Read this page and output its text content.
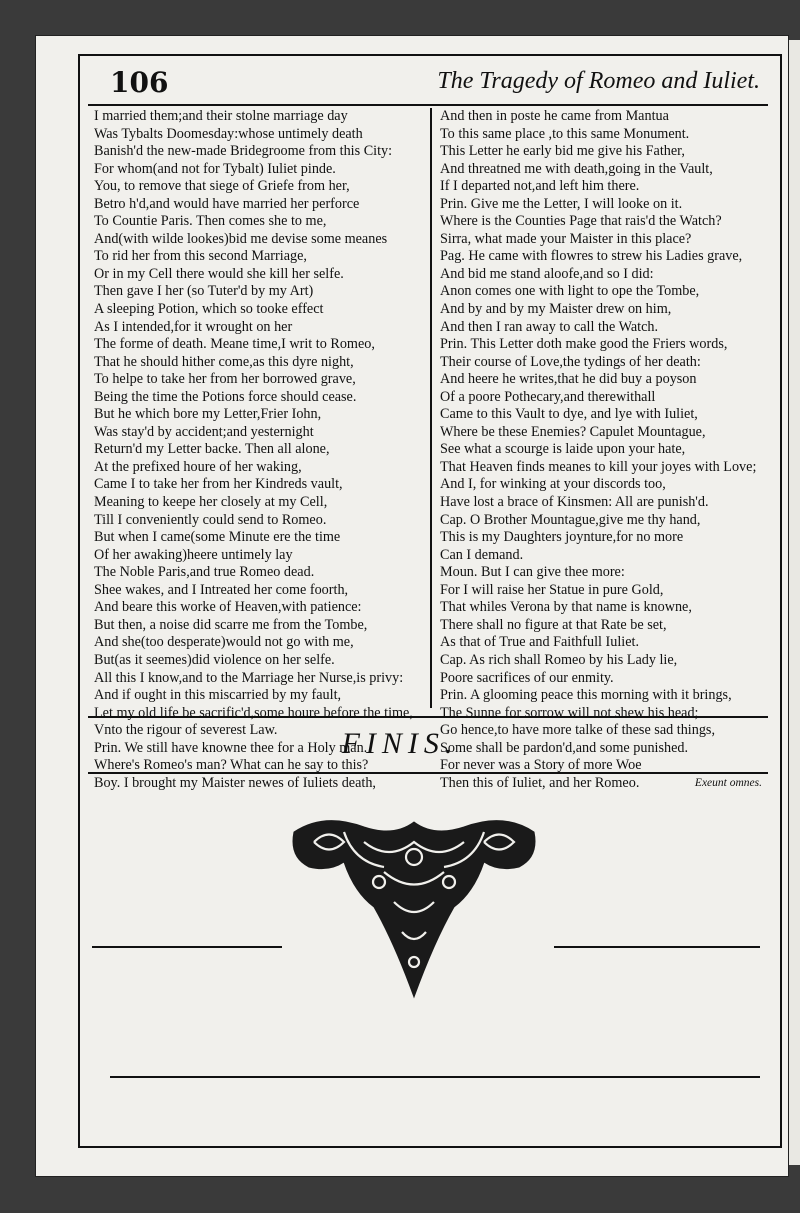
106	The Tragedy of Romeo and Iuliet.
I married them;and their stolne marriage day
Was Tybalts Doomesday:whose untimely death
Banish'd the new-made Bridegroome from this City:
For whom(and not for Tybalt) Iuliet pinde.
You, to remove that siege of Griefe from her,
Betro h'd,and would have married her perforce
To Countie Paris. Then comes she to me,
And(with wilde lookes)bid me devise some meanes
To rid her from this second Marriage,
Or in my Cell there would she kill her selfe.
Then gave I her (so Tuter'd by my Art)
A sleeping Potion, which so tooke effect
As I intended,for it wrought on her
The forme of death. Meane time,I writ to Romeo,
That he should hither come,as this dyre night,
To helpe to take her from her borrowed grave,
Being the time the Potions force should cease.
But he which bore my Letter,Frier Iohn,
Was stay'd by accident;and yesternight
Return'd my Letter backe. Then all alone,
At the prefixed houre of her waking,
Came I to take her from her Kindreds vault,
Meaning to keepe her closely at my Cell,
Till I conveniently could send to Romeo.
But when I came(some Minute ere the time
Of her awaking)heere untimely lay
The Noble Paris,and true Romeo dead.
Shee wakes, and I Intreated her come foorth,
And beare this worke of Heaven,with patience:
But then, a noise did scarre me from the Tombe,
And she(too desperate)would not go with me,
But(as it seemes)did violence on her selfe.
All this I know,and to the Marriage her Nurse,is privy:
And if ought in this miscarried by my fault,
Let my old life be sacrific'd,some houre before the time,
Vnto the rigour of severest Law.
Prin. We still have knowne thee for a Holy man.
Where's Romeo's man? What can he say to this?
Boy. I brought my Maister newes of Iuliets death,
And then in poste he came from Mantua
To this same place ,to this same Monument.
This Letter he early bid me give his Father,
And threatned me with death,going in the Vault,
If I departed not,and left him there.
Prin. Give me the Letter, I will looke on it.
Where is the Counties Page that rais'd the Watch?
Sirra, what made your Maister in this place?
Pag. He came with flowres to strew his Ladies grave,
And bid me stand aloofe,and so I did:
Anon comes one with light to ope the Tombe,
And by and by my Maister drew on him,
And then I ran away to call the Watch.
Prin. This Letter doth make good the Friers words,
Their course of Love,the tydings of her death:
And heere he writes,that he did buy a poyson
Of a poore Pothecary,and therewithall
Came to this Vault to dye, and lye with Iuliet,
Where be these Enemies? Capulet Mountague,
See what a scourge is laide upon your hate,
That Heaven finds meanes to kill your joyes with Love;
And I, for winking at your discords too,
Have lost a brace of Kinsmen: All are punish'd.
Cap. O Brother Mountague,give me thy hand,
This is my Daughters joynture,for no more
Can I demand.
Moun. But I can give thee more:
For I will raise her Statue in pure Gold,
That whiles Verona by that name is knowne,
There shall no figure at that Rate be set,
As that of True and Faithfull Iuliet.
Cap. As rich shall Romeo by his Lady lie,
Poore sacrifices of our enmity.
Prin. A glooming peace this morning with it brings,
The Sunne for sorrow will not shew his head;
Go hence,to have more talke of these sad things,
Some shall be pardon'd,and some punished.
For never was a Story of more Woe
Then this of Iuliet, and her Romeo.	Exeunt omnes.
FINIS.
